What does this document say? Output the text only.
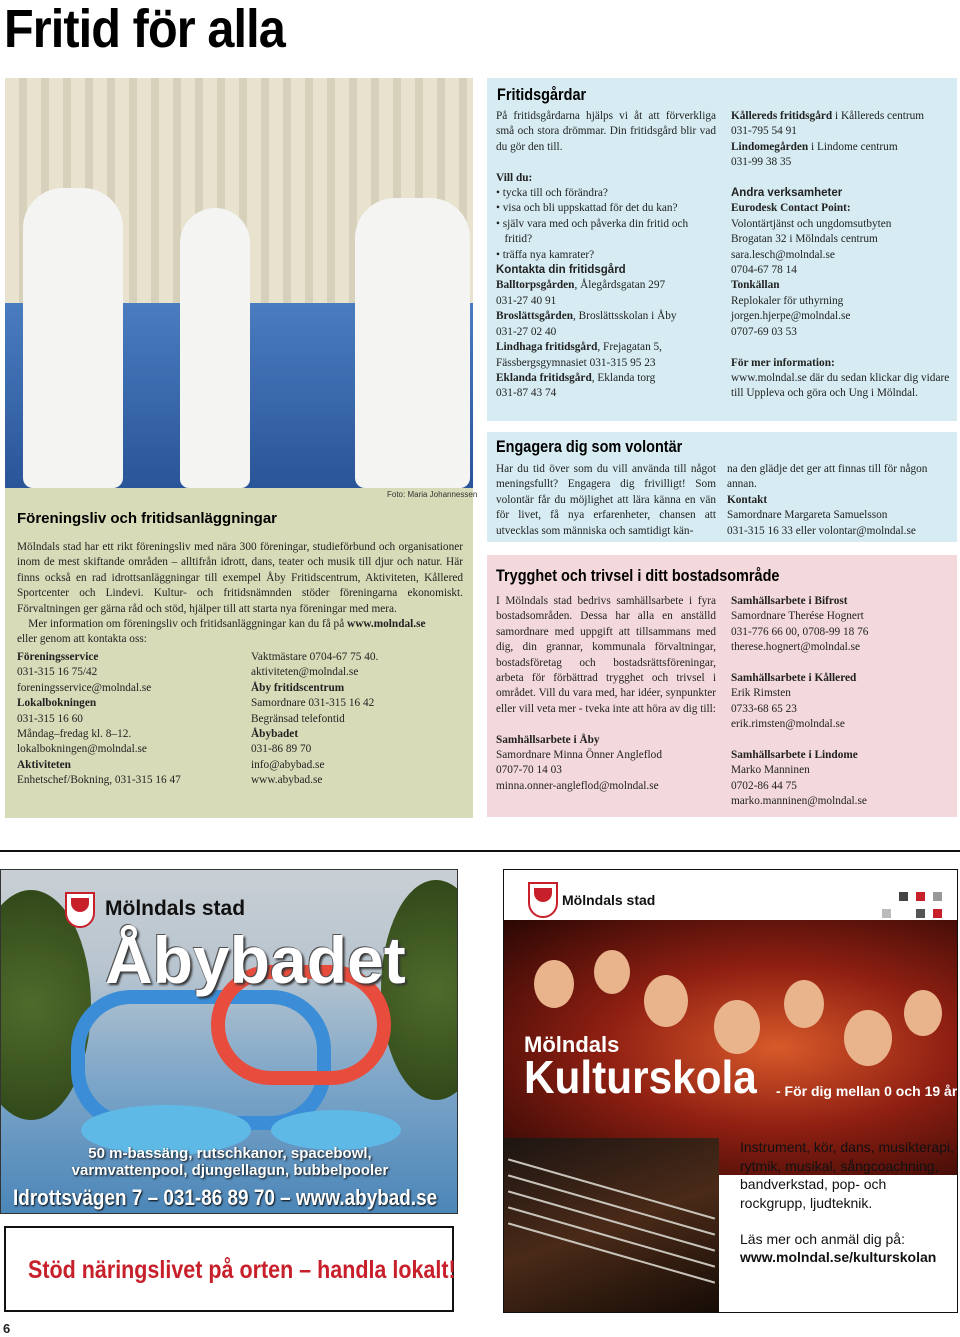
Fritid för alla
Föreningsliv och fritidsanläggningar

Mölndals stad har ett rikt föreningsliv med nära 300 föreningar, studieförbund och organisationer inom de mest skiftande områden – alltifrån idrott, dans, teater och musik till djur och natur. Här finns också en rad idrottsanläggningar till exempel Åby Fritidscentrum, Aktiviteten, Kållered Sportcenter och Lindevi. Kultur- och fritidsnämnden stöder föreningarna ekonomiskt. Förvaltningen ger gärna råd och stöd, hjälper till att starta nya föreningar med mera.
Mer information om föreningsliv och fritidsanläggningar kan du få på www.molndal.se
eller genom att kontakta oss:

Föreningsservice
031-315 16 75/42
foreningsservice@molndal.se
Lokalbokningen
031-315 16 60
Måndag–fredag kl. 8–12.
lokalbokningen@molndal.se
Aktiviteten
Enhetschef/Bokning, 031-315 16 47
Vaktmästare 0704-67 75 40.
aktiviteten@molndal.se
Åby fritidscentrum
Samordnare 031-315 16 42
Begränsad telefontid
Åbybadet
031-86 89 70
info@abybad.se
www.abybad.se
Foto: Maria Johannessen
Fritidsgårdar
På fritidsgårdarna hjälps vi åt att förverkliga små och stora drömmar. Din fritidsgård blir vad du gör den till.

Vill du:
• tycka till och förändra?
• visa och bli uppskattad för det du kan?
• själv vara med och påverka din fritid och
fritid?
• träffa nya kamrater?
Kontakta din fritidsgård
Balltorpsgården, Ålegårdsgatan 297
031-27 40 91
Broslättsgården, Broslättsskolan i Åby
031-27 02 40
Lindhaga fritidsgård, Frejagatan 5,
Fässbergsgymnasiet 031-315 95 23
Eklanda fritidsgård, Eklanda torg
031-87 43 74
Kållereds fritidsgård i Kållereds centrum
031-795 54 91
Lindomegården i Lindome centrum
031-99 38 35

Andra verksamheter
Eurodesk Contact Point:
Volontärtjänst och ungdomsutbyten
Brogatan 32 i Mölndals centrum
sara.lesch@molndal.se
0704-67 78 14
Tonkällan
Replokaler för uthyrning
jorgen.hjerpe@molndal.se
0707-69 03 53

För mer information:
www.molndal.se där du sedan klickar dig vidare
till Uppleva och göra och Ung i Mölndal.
Engagera dig som volontär
Har du tid över som du vill använda till något meningsfullt? Engagera dig frivilligt! Som volontär får du möjlighet att lära känna en vän för livet, få nya erfarenheter, chansen att utvecklas som människa och samtidigt kän-
na den glädje det ger att finnas till för någon annan.
Kontakt
Samordnare Margareta Samuelsson
031-315 16 33 eller volontar@molndal.se
Trygghet och trivsel i ditt bostadsområde
I Mölndals stad bedrivs samhällsarbete i fyra bostadsområden. Dessa har alla en anställd samordnare med uppgift att tillsammans med dig, din grannar, kommunala förvaltningar, bostadsföretag och bostadsrättsföreningar, arbeta för förbättrad trygghet och trivsel i området. Vill du vara med, har idéer, synpunkter eller vill veta mer - tveka inte att höra av dig till:

Samhällsarbete i Åby
Samordnare Minna Önner Angleflod
0707-70 14 03
minna.onner-angleflod@molndal.se
Samhällsarbete i Bifrost
Samordnare Therése Hognert
031-776 66 00, 0708-99 18 76
therese.hognert@molndal.se

Samhällsarbete i Kållered
Erik Rimsten
0733-68 65 23
erik.rimsten@molndal.se

Samhällsarbete i Lindome
Marko Manninen
0702-86 44 75
marko.manninen@molndal.se
Mölndals stad
Åbybadet
50 m-bassäng, rutschkanor, spacebowl,
varmvattenpool, djungellagun, bubbelpooler
Idrottsvägen 7 – 031-86 89 70 – www.abybad.se
Stöd näringslivet på orten – handla lokalt!
Mölndals stad
Mölndals
Kulturskola - För dig mellan 0 och 19 år
Instrument, kör, dans, musikterapi, rytmik, musikal, sångcoachning, bandverkstad, pop- och rockgrupp, ljudteknik.
Läs mer och anmäl dig på:
www.molndal.se/kulturskolan
6
